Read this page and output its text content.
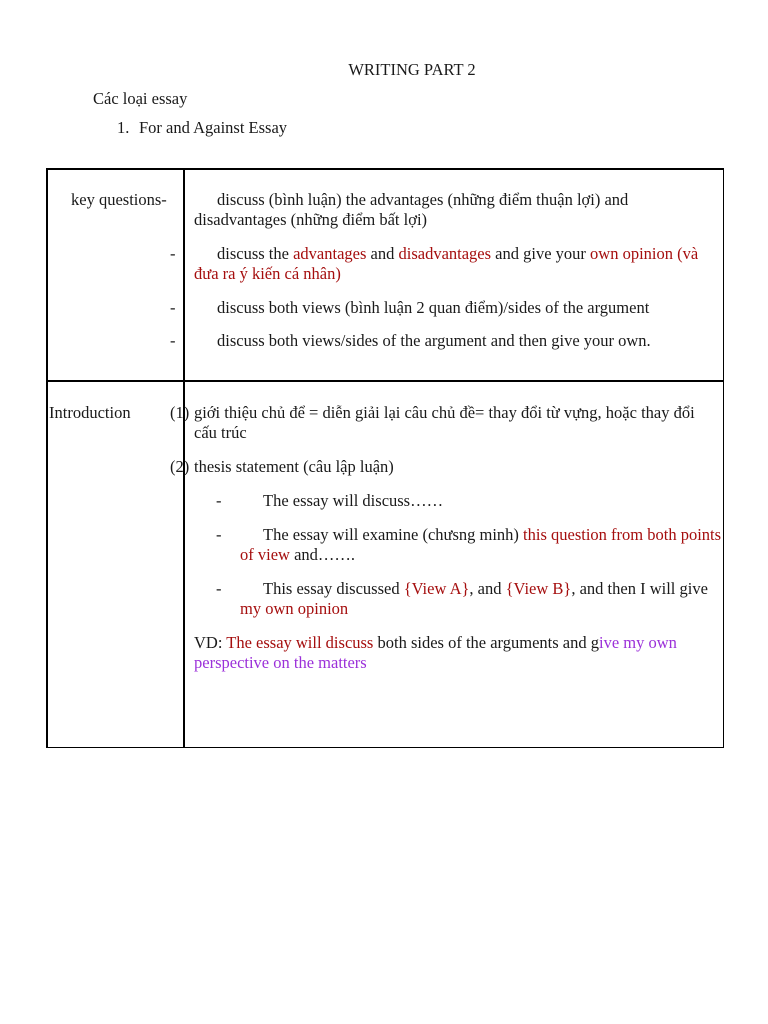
WRITING PART 2
Các loại essay
1. For and Against Essay
key questions-	discuss (bình luận) the advantages (những điểm thuận lợi) and disadvantages (những điểm bất lợi)
-	discuss the advantages and disadvantages and give your own opinion (và đưa ra ý kiến cá nhân)
-	discuss both views (bình luận 2 quan điểm)/sides of the argument
-	discuss both views/sides of the argument and then give your own.
Introduction (1) giới thiệu chủ để = diễn giải lại câu chủ đề= thay đổi từ vựng, hoặc thay đổi cấu trúc
(2) thesis statement (câu lập luận)
-	The essay will discuss……
-	The essay will examine (chưsng minh) this question from both points of view and…….
-	This essay discussed {View A}, and {View B}, and then I will give my own opinion
VD: The essay will discuss both sides of the arguments and give my own perspective on the matters
